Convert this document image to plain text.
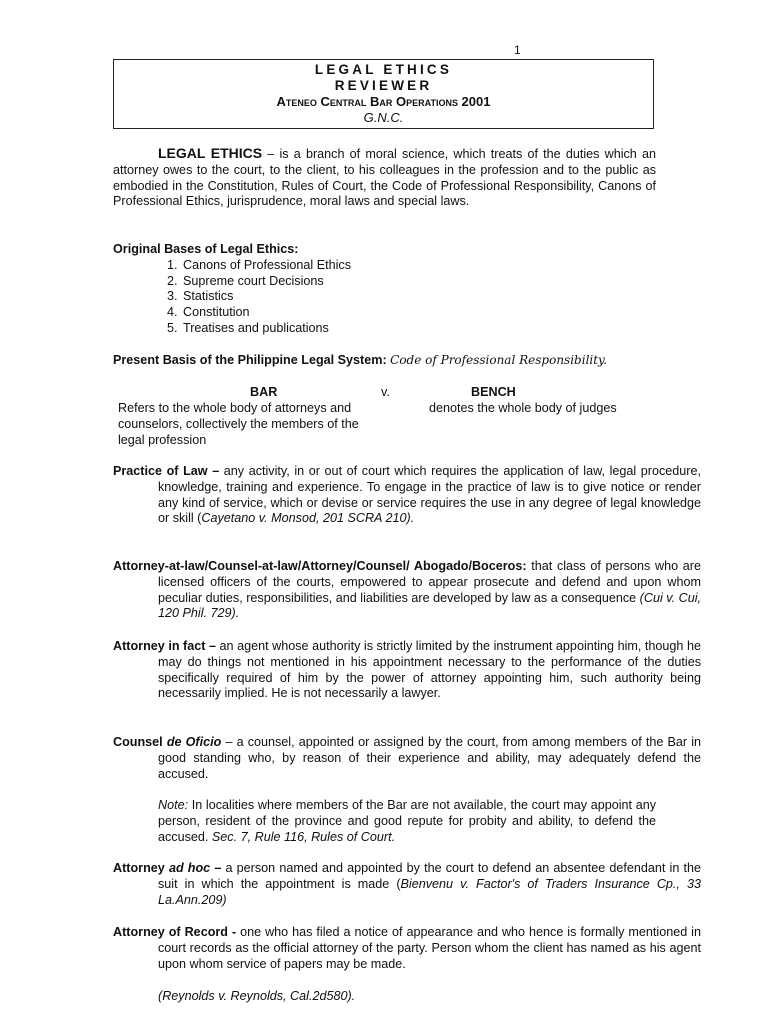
1
LEGAL ETHICS
REVIEWER
Ateneo Central Bar Operations 2001
G.N.C.
LEGAL ETHICS – is a branch of moral science, which treats of the duties which an attorney owes to the court, to the client, to his colleagues in the profession and to the public as embodied in the Constitution, Rules of Court, the Code of Professional Responsibility, Canons of Professional Ethics, jurisprudence, moral laws and special laws.
Original Bases of Legal Ethics:
1. Canons of Professional Ethics
2. Supreme court Decisions
3. Statistics
4. Constitution
5. Treatises and publications
Present Basis of the Philippine Legal System: Code of Professional Responsibility.
BAR	v.	BENCH
Refers to the whole body of attorneys and counselors, collectively the members of the legal profession
denotes the whole body of judges
Practice of Law – any activity, in or out of court which requires the application of law, legal procedure, knowledge, training and experience. To engage in the practice of law is to give notice or render any kind of service, which or devise or service requires the use in any degree of legal knowledge or skill (Cayetano v. Monsod, 201 SCRA 210).
Attorney-at-law/Counsel-at-law/Attorney/Counsel/ Abogado/Boceros: that class of persons who are licensed officers of the courts, empowered to appear prosecute and defend and upon whom peculiar duties, responsibilities, and liabilities are developed by law as a consequence (Cui v. Cui, 120 Phil. 729).
Attorney in fact – an agent whose authority is strictly limited by the instrument appointing him, though he may do things not mentioned in his appointment necessary to the performance of the duties specifically required of him by the power of attorney appointing him, such authority being necessarily implied. He is not necessarily a lawyer.
Counsel de Oficio – a counsel, appointed or assigned by the court, from among members of the Bar in good standing who, by reason of their experience and ability, may adequately defend the accused.
Note: In localities where members of the Bar are not available, the court may appoint any person, resident of the province and good repute for probity and ability, to defend the accused. Sec. 7, Rule 116, Rules of Court.
Attorney ad hoc – a person named and appointed by the court to defend an absentee defendant in the suit in which the appointment is made (Bienvenu v. Factor's of Traders Insurance Cp., 33 La.Ann.209)
Attorney of Record - one who has filed a notice of appearance and who hence is formally mentioned in court records as the official attorney of the party. Person whom the client has named as his agent upon whom service of papers may be made.
(Reynolds v. Reynolds, Cal.2d580).
